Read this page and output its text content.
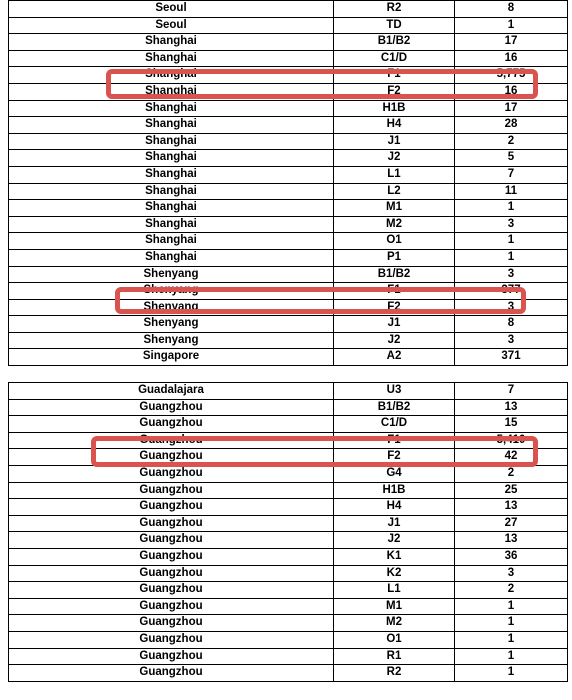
Seoul	R2	8
Seoul	TD	1
Shanghai	B1/B2	17
Shanghai	C1/D	16
Shanghai	F1	5,775
Shanghai	F2	16
Shanghai	H1B	17
Shanghai	H4	28
Shanghai	J1	2
Shanghai	J2	5
Shanghai	L1	7
Shanghai	L2	11
Shanghai	M1	1
Shanghai	M2	3
Shanghai	O1	1
Shanghai	P1	1
Shenyang	B1/B2	3
Shenyang	F1	377
Shenyang	F2	3
Shenyang	J1	8
Shenyang	J2	3
Singapore	A2	371
Guadalajara	U3	7
Guangzhou	B1/B2	13
Guangzhou	C1/D	15
Guangzhou	F1	5,410
Guangzhou	F2	42
Guangzhou	G4	2
Guangzhou	H1B	25
Guangzhou	H4	13
Guangzhou	J1	27
Guangzhou	J2	13
Guangzhou	K1	36
Guangzhou	K2	3
Guangzhou	L1	2
Guangzhou	M1	1
Guangzhou	M2	1
Guangzhou	O1	1
Guangzhou	R1	1
Guangzhou	R2	1
